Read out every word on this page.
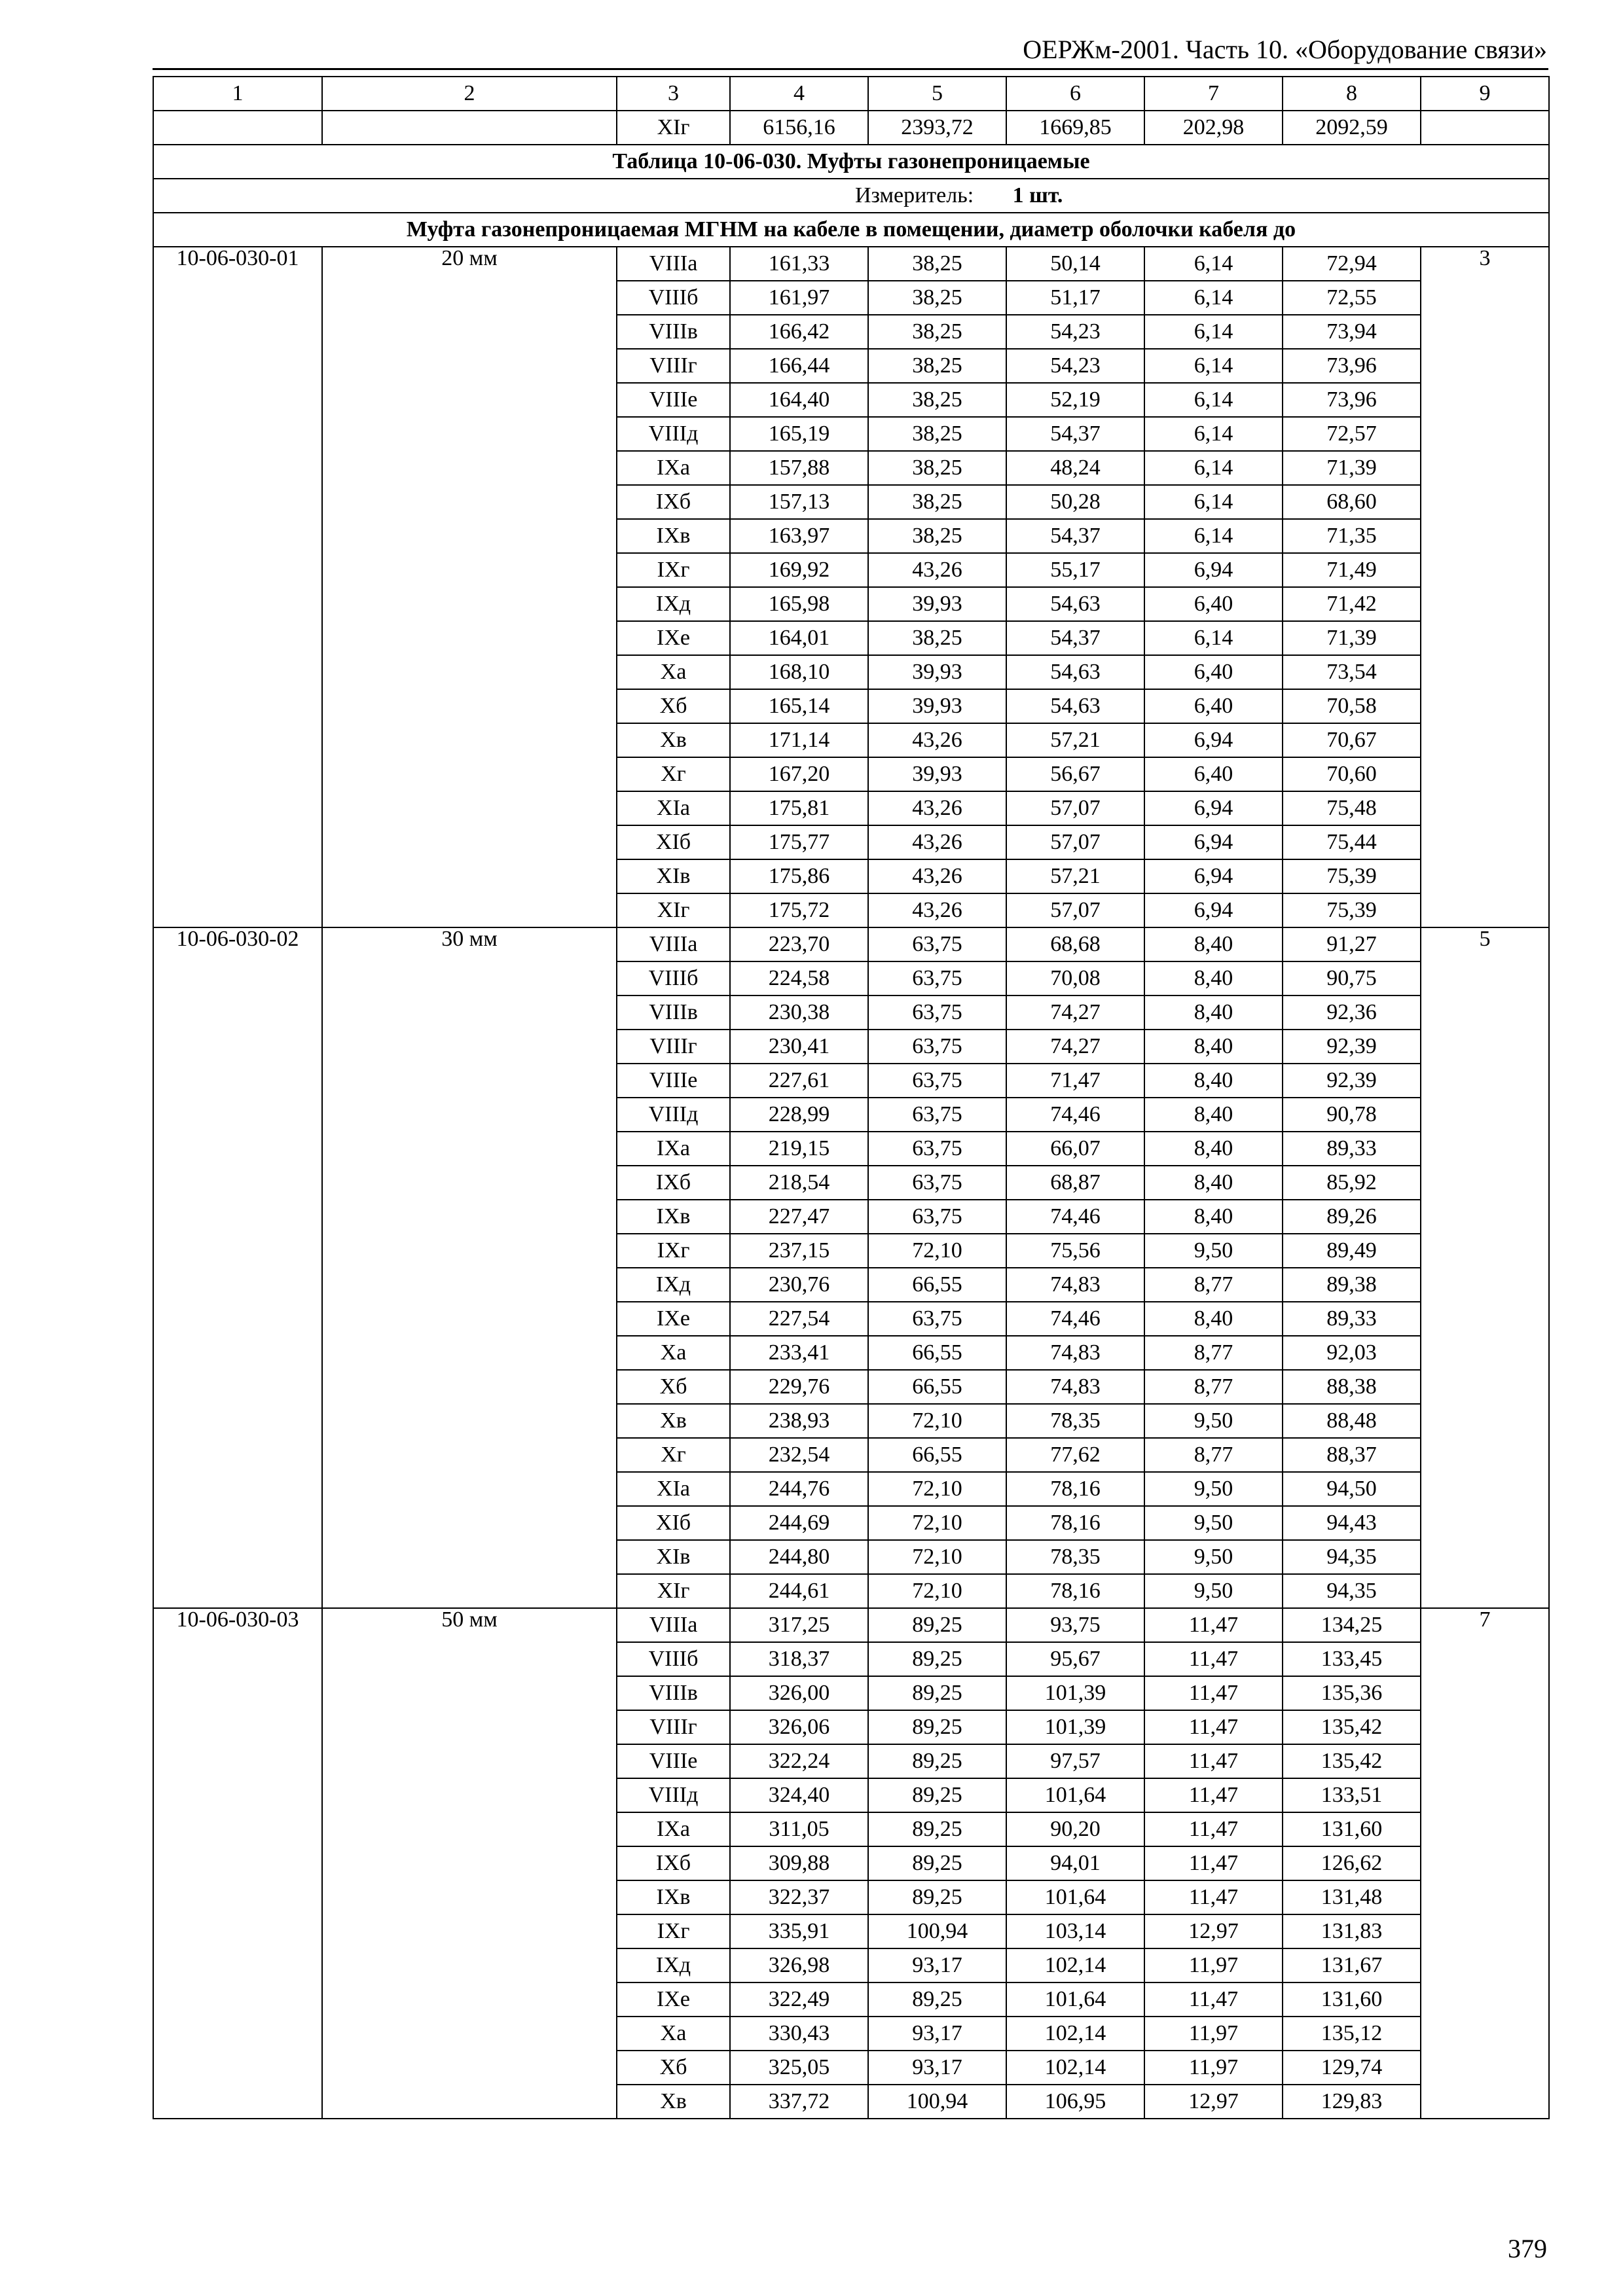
ОЕРЖм-2001. Часть 10. «Оборудование связи»
1	2	3	4	5	6	7	8	9
		XIг	6156,16	2393,72	1669,85	202,98	2092,59	
Таблица 10-06-030. Муфты газонепроницаемые								
Измеритель: 1 шт.								
Муфта газонепроницаемая МГНМ на кабеле в помещении, диаметр оболочки кабеля до								
10-06-030-01	20 мм	VIIIа	161,33	38,25	50,14	6,14	72,94	3
		VIIIб	161,97	38,25	51,17	6,14	72,55	
		VIIIв	166,42	38,25	54,23	6,14	73,94	
		VIIIг	166,44	38,25	54,23	6,14	73,96	
		VIIIе	164,40	38,25	52,19	6,14	73,96	
		VIIIд	165,19	38,25	54,37	6,14	72,57	
		IXа	157,88	38,25	48,24	6,14	71,39	
		IXб	157,13	38,25	50,28	6,14	68,60	
		IXв	163,97	38,25	54,37	6,14	71,35	
		IXг	169,92	43,26	55,17	6,94	71,49	
		IXд	165,98	39,93	54,63	6,40	71,42	
		IXе	164,01	38,25	54,37	6,14	71,39	
		Xа	168,10	39,93	54,63	6,40	73,54	
		Xб	165,14	39,93	54,63	6,40	70,58	
		Xв	171,14	43,26	57,21	6,94	70,67	
		Xг	167,20	39,93	56,67	6,40	70,60	
		XIа	175,81	43,26	57,07	6,94	75,48	
		XIб	175,77	43,26	57,07	6,94	75,44	
		XIв	175,86	43,26	57,21	6,94	75,39	
		XIг	175,72	43,26	57,07	6,94	75,39	
10-06-030-02	30 мм	VIIIа	223,70	63,75	68,68	8,40	91,27	5
		VIIIб	224,58	63,75	70,08	8,40	90,75	
		VIIIв	230,38	63,75	74,27	8,40	92,36	
		VIIIг	230,41	63,75	74,27	8,40	92,39	
		VIIIе	227,61	63,75	71,47	8,40	92,39	
		VIIIд	228,99	63,75	74,46	8,40	90,78	
		IXа	219,15	63,75	66,07	8,40	89,33	
		IXб	218,54	63,75	68,87	8,40	85,92	
		IXв	227,47	63,75	74,46	8,40	89,26	
		IXг	237,15	72,10	75,56	9,50	89,49	
		IXд	230,76	66,55	74,83	8,77	89,38	
		IXе	227,54	63,75	74,46	8,40	89,33	
		Xа	233,41	66,55	74,83	8,77	92,03	
		Xб	229,76	66,55	74,83	8,77	88,38	
		Xв	238,93	72,10	78,35	9,50	88,48	
		Xг	232,54	66,55	77,62	8,77	88,37	
		XIа	244,76	72,10	78,16	9,50	94,50	
		XIб	244,69	72,10	78,16	9,50	94,43	
		XIв	244,80	72,10	78,35	9,50	94,35	
		XIг	244,61	72,10	78,16	9,50	94,35	
10-06-030-03	50 мм	VIIIа	317,25	89,25	93,75	11,47	134,25	7
		VIIIб	318,37	89,25	95,67	11,47	133,45	
		VIIIв	326,00	89,25	101,39	11,47	135,36	
		VIIIг	326,06	89,25	101,39	11,47	135,42	
		VIIIе	322,24	89,25	97,57	11,47	135,42	
		VIIIд	324,40	89,25	101,64	11,47	133,51	
		IXа	311,05	89,25	90,20	11,47	131,60	
		IXб	309,88	89,25	94,01	11,47	126,62	
		IXв	322,37	89,25	101,64	11,47	131,48	
		IXг	335,91	100,94	103,14	12,97	131,83	
		IXд	326,98	93,17	102,14	11,97	131,67	
		IXе	322,49	89,25	101,64	11,47	131,60	
		Xа	330,43	93,17	102,14	11,97	135,12	
		Xб	325,05	93,17	102,14	11,97	129,74	
		Xв	337,72	100,94	106,95	12,97	129,83	
379
